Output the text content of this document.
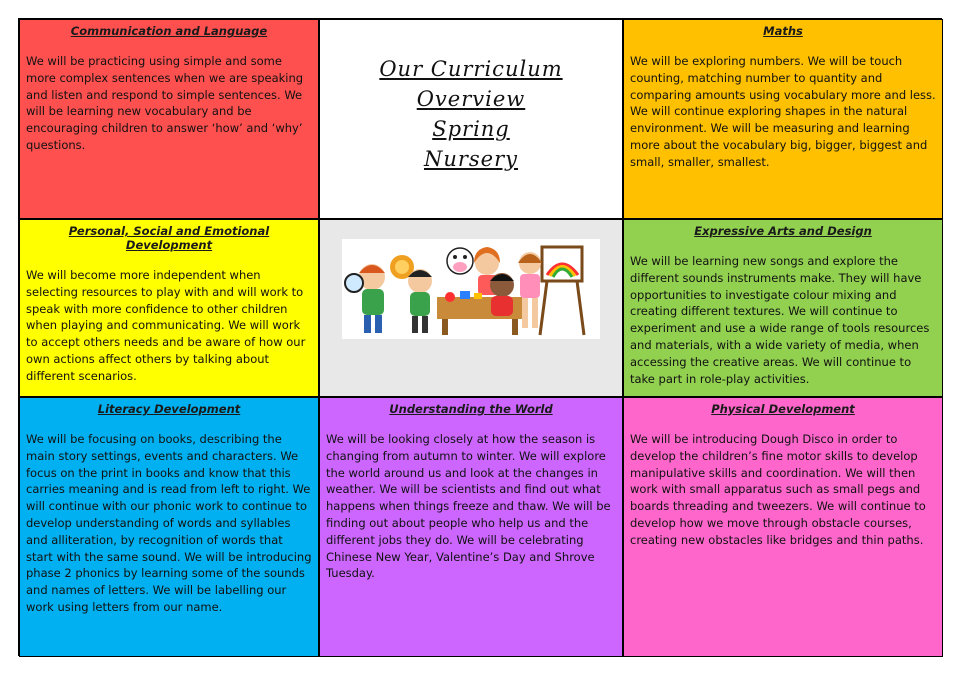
Communication and Language

We will be practicing using simple and some more complex sentences when we are speaking and listen and respond to simple sentences. We will be learning new vocabulary and be encouraging children to answer ‘how’ and ‘why’ questions.

Our Curriculum
Overview
Spring
Nursery
Maths

We will be exploring numbers. We will be touch counting, matching number to quantity and comparing amounts using vocabulary more and less. We will continue exploring shapes in the natural environment. We will be measuring and learning more about the vocabulary big, bigger, biggest and small, smaller, smallest.

Personal, Social and Emotional Development

We will become more independent when selecting resources to play with and will work to speak with more confidence to other children when playing and communicating. We will work to accept others needs and be aware of how our own actions affect others by talking about different scenarios.

Expressive Arts and Design

We will be learning new songs and explore the different sounds instruments make. They will have opportunities to investigate colour mixing and creating different textures. We will continue to experiment and use a wide range of tools resources and materials, with a wide variety of media, when accessing the creative areas. We will continue to take part in role-play activities.

Literacy Development

We will be focusing on books, describing the main story settings, events and characters. We focus on the print in books and know that this carries meaning and is read from left to right. We will continue with our phonic work to continue to develop understanding of words and syllables and alliteration, by recognition of words that start with the same sound. We will be introducing phase 2 phonics by learning some of the sounds and names of letters. We will be labelling our work using letters from our name.

Understanding the World

We will be looking closely at how the season is changing from autumn to winter. We will explore the world around us and look at the changes in weather. We will be scientists and find out what happens when things freeze and thaw. We will be finding out about people who help us and the different jobs they do. We will be celebrating Chinese New Year, Valentine’s Day and Shrove Tuesday.

Physical Development

We will be introducing Dough Disco in order to develop the children’s fine motor skills to develop manipulative skills and coordination. We will then work with small apparatus such as small pegs and boards threading and tweezers. We will continue to develop how we move through obstacle courses, creating new obstacles like bridges and thin paths.
